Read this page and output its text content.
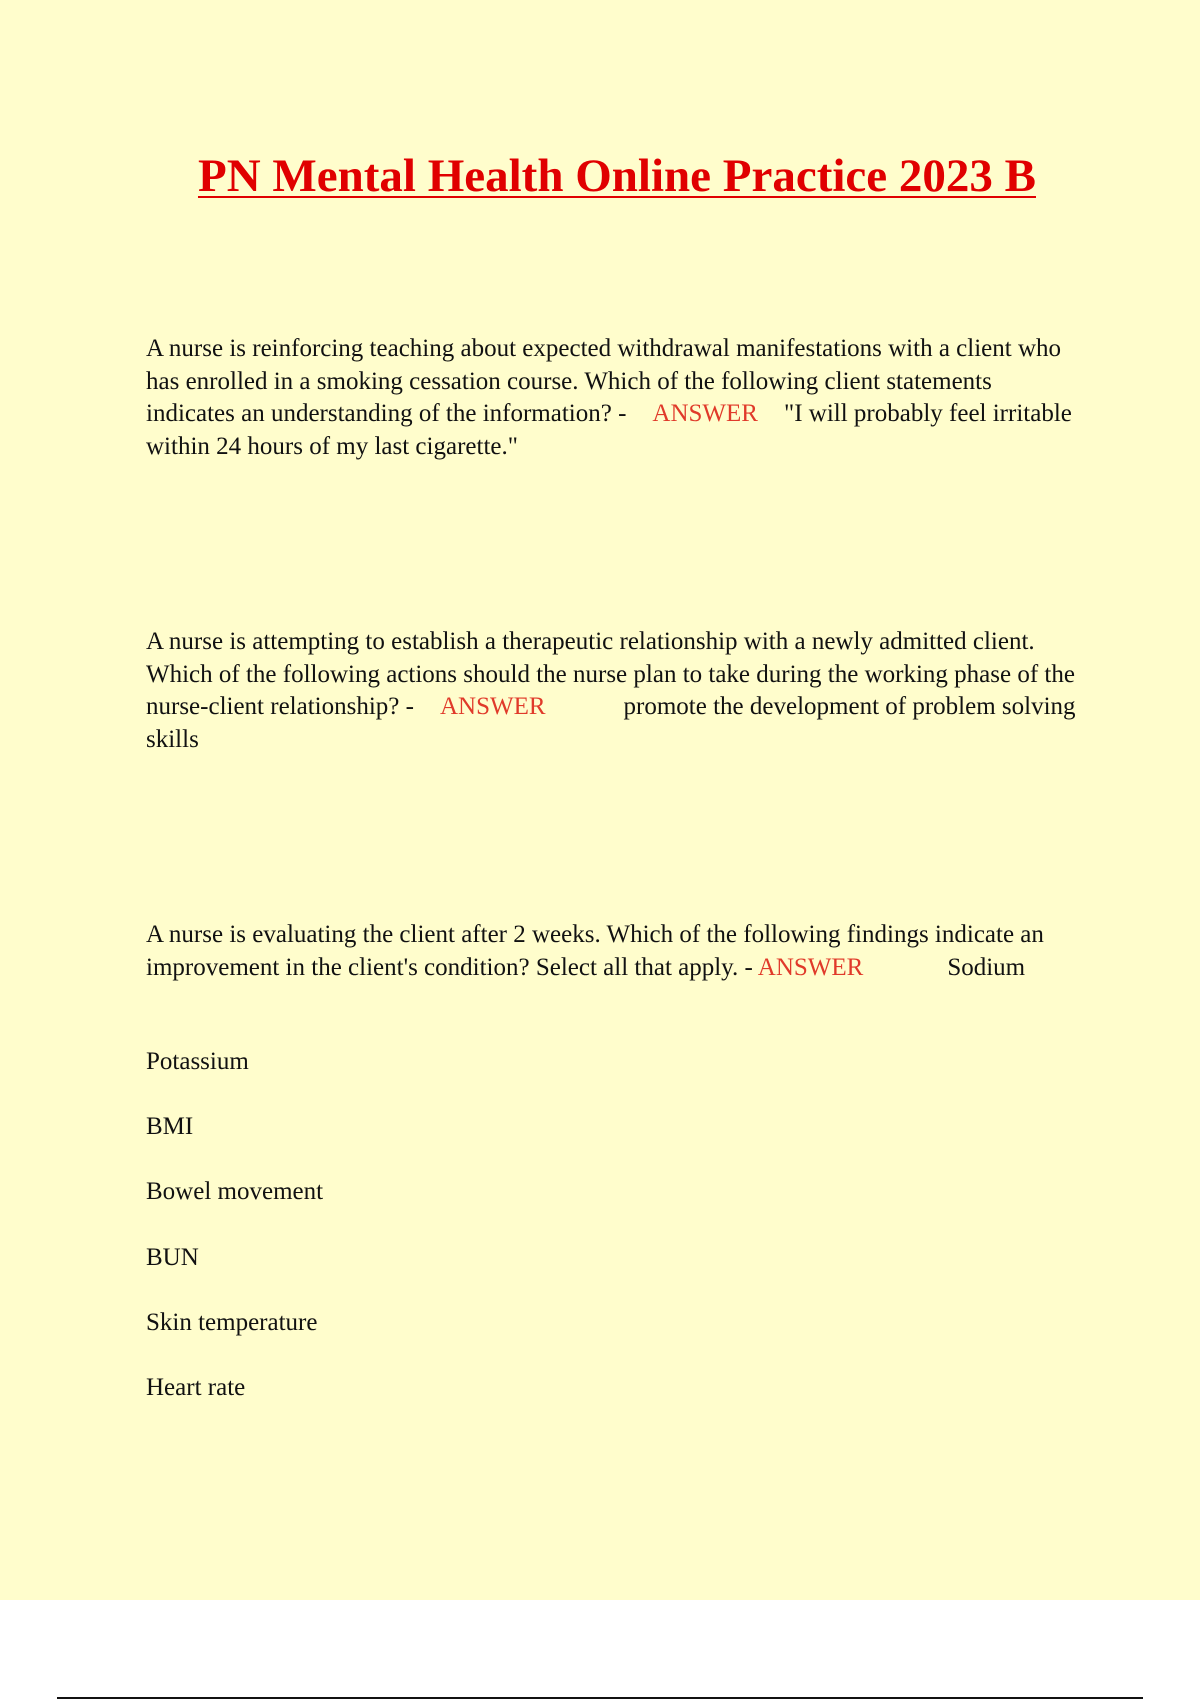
PN Mental Health Online Practice 2023 B

A nurse is reinforcing teaching about expected withdrawal manifestations with a client who has enrolled in a smoking cessation course. Which of the following client statements indicates an understanding of the information? - ANSWER "I will probably feel irritable within 24 hours of my last cigarette."

A nurse is attempting to establish a therapeutic relationship with a newly admitted client. Which of the following actions should the nurse plan to take during the working phase of the nurse-client relationship? - ANSWER	promote the development of problem solving skills

A nurse is evaluating the client after 2 weeks. Which of the following findings indicate an improvement in the client's condition? Select all that apply. - ANSWER	Sodium

Potassium

BMI

Bowel movement

BUN

Skin temperature

Heart rate
